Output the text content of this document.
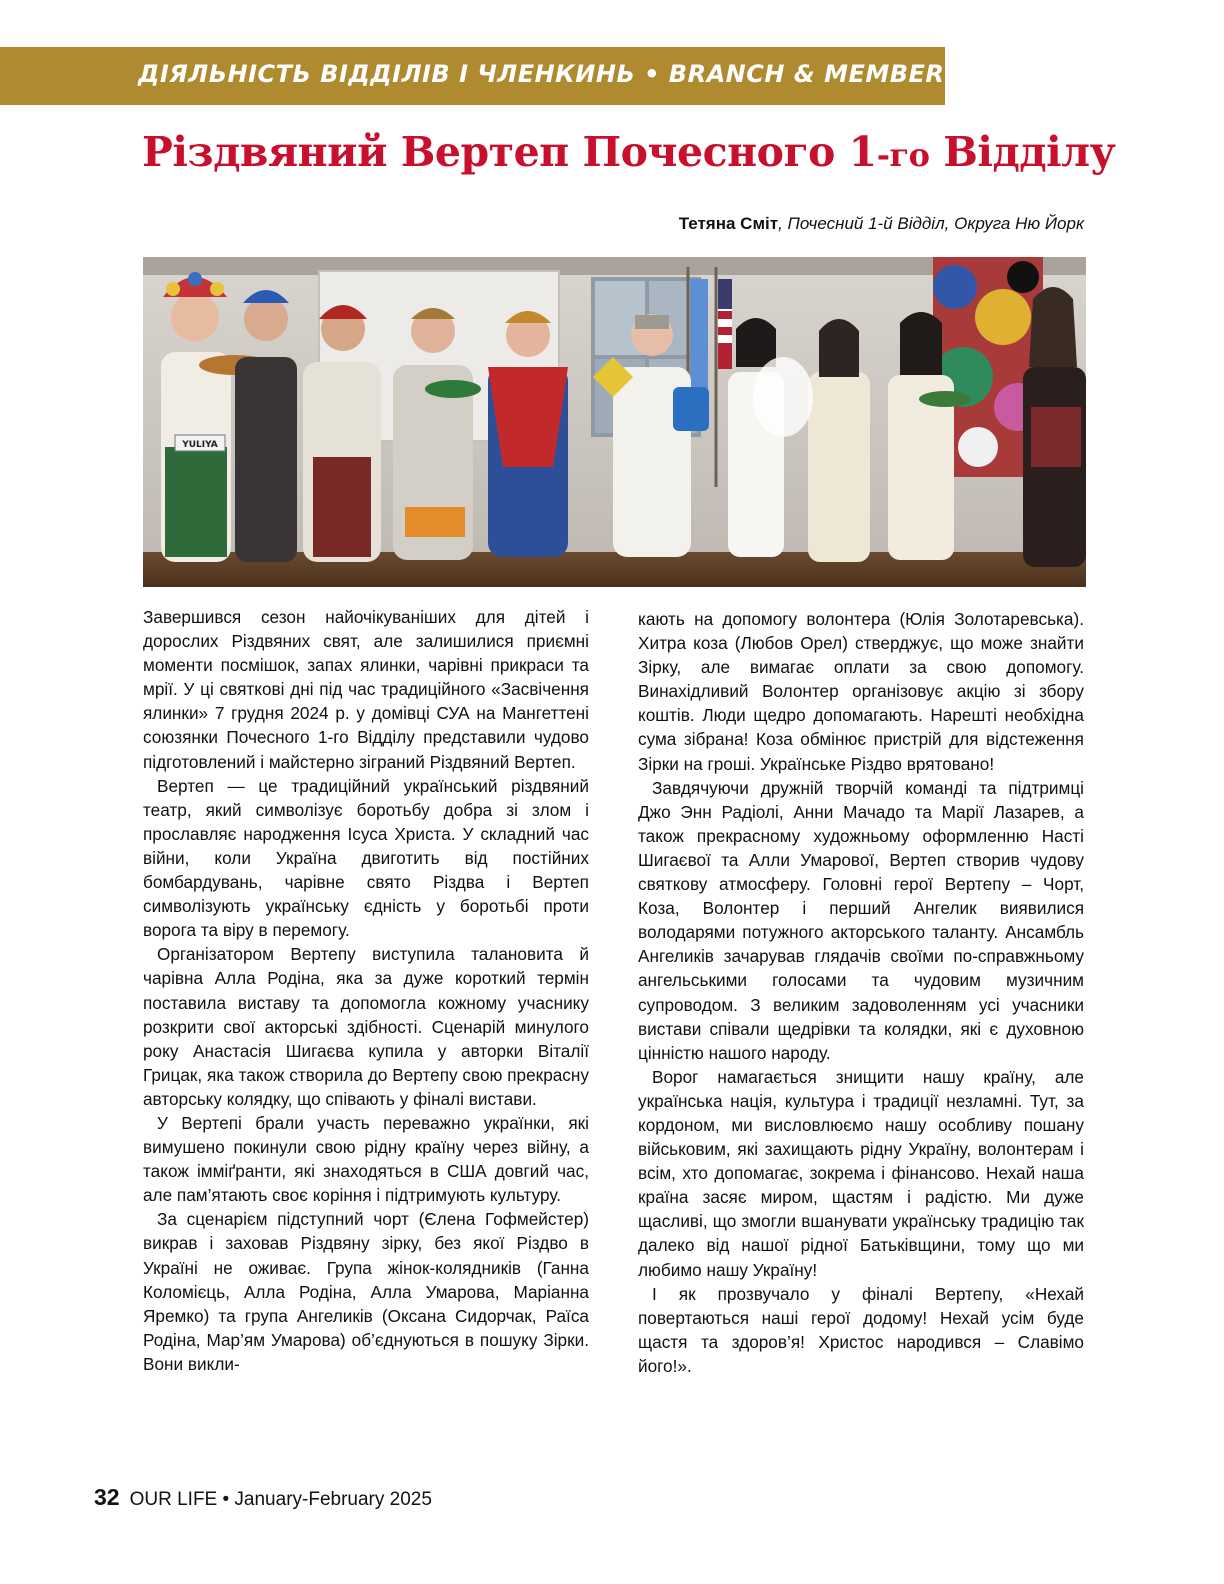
ДІЯЛЬНІСТЬ ВІДДІЛІВ І ЧЛЕНКИНЬ • BRANCH & MEMBER NEWS
Різдвяний Вертеп Почесного 1-го Відділу
Тетяна Сміт, Почесний 1-й Відділ, Округа Ню Йорк
YULIYA

Завершився сезон найочікуваніших для дітей і дорослих Різдвяних свят, але залишилися приємні моменти посмішок, запах ялинки, чарівні прикраси та мрії. У ці святкові дні під час традиційного «Засвічення ялинки» 7 грудня 2024 р. у домівці СУА на Мангеттені союзянки Почесного 1-го Відділу представили чудово підготовлений і майстерно зіграний Різдвяний Вертеп.

Вертеп — це традиційний український різдвяний театр, який символізує боротьбу добра зі злом і прославляє народження Ісуса Христа. У складний час війни, коли Україна двиготить від постійних бомбардувань, чарівне свято Різдва і Вертеп символізують українську єдність у боротьбі проти ворога та віру в перемогу.

Організатором Вертепу виступила талановита й чарівна Алла Родіна, яка за дуже короткий термін поставила виставу та допомогла кожному учаснику розкрити свої акторські здібності. Сценарій минулого року Анастасія Шигаєва купила у авторки Віталії Грицак, яка також створила до Вертепу свою прекрасну авторську колядку, що співають у фіналі вистави.

У Вертепі брали участь переважно українки, які вимушено покинули свою рідну країну через війну, а також імміґранти, які знаходяться в США довгий час, але пам’ятають своє коріння і підтримують культуру.

За сценарієм підступний чорт (Єлена Гофмейстер) викрав і заховав Різдвяну зірку, без якої Різдво в Україні не оживає. Група жінок-колядників (Ганна Коломієць, Алла Родіна, Алла Умарова, Маріанна Яремко) та група Ангеликів (Оксана Сидорчак, Раїса Родіна, Мар’ям Умарова) об’єднуються в пошуку Зірки. Вони викли-

кають на допомогу волонтера (Юлія Золотаревська). Хитра коза (Любов Орел) стверджує, що може знайти Зірку, але вимагає оплати за свою допомогу. Винахідливий Волонтер організовує акцію зі збору коштів. Люди щедро допомагають. Нарешті необхідна сума зібрана! Коза обмінює пристрій для відстеження Зірки на гроші. Українське Різдво врятовано!

Завдячуючи дружній творчій команді та підтримці Джо Энн Радіолі, Анни Мачадо та Марії Лазарев, а також прекрасному художньому оформленню Насті Шигаєвої та Алли Умарової, Вертеп створив чудову святкову атмосферу. Головні герої Вертепу – Чорт, Коза, Волонтер і перший Ангелик виявилися володарями потужного акторського таланту. Ансамбль Ангеликів зачарував глядачів своїми по-справжньому ангельськими голосами та чудовим музичним супроводом. З великим задоволенням усі учасники вистави співали щедрівки та колядки, які є духовною цінністю нашого народу.

Ворог намагається знищити нашу країну, але українська нація, культура і традиції незламні. Тут, за кордоном, ми висловлюємо нашу особливу пошану військовим, які захищають рідну Україну, волонтерам і всім, хто допомагає, зокрема і фінансово. Нехай наша країна засяє миром, щастям і радістю. Ми дуже щасливі, що змогли вшанувати українську традицію так далеко від нашої рідної Батьківщини, тому що ми любимо нашу Україну!

І як прозвучало у фіналі Вертепу, «Нехай повертаються наші герої додому! Нехай усім буде щастя та здоров’я! Христос народився – Славімо його!».

32 OUR LIFE • January-February 2025
